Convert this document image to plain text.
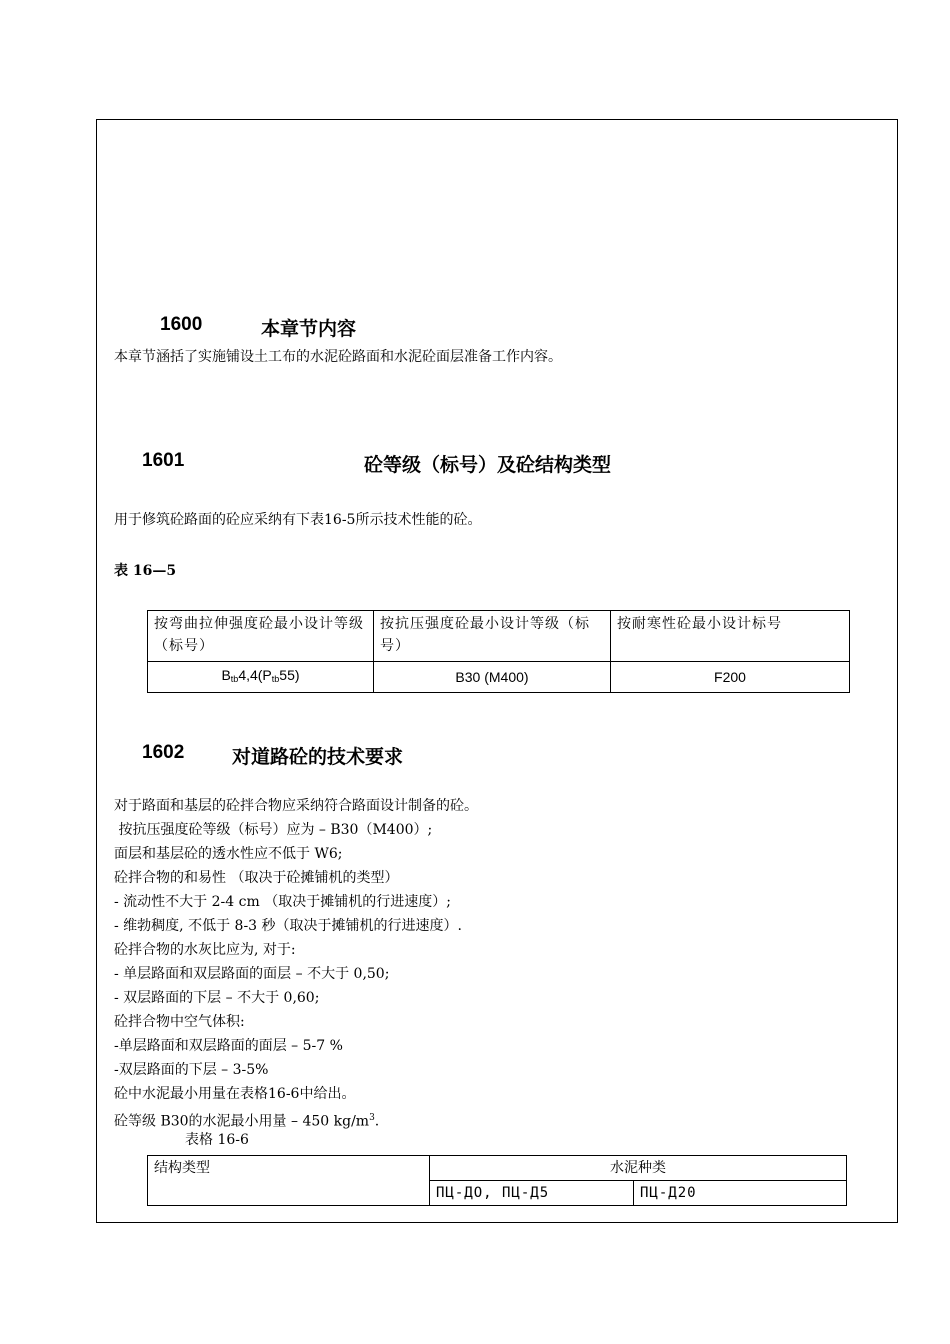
1600	本章节内容
本章节涵括了实施铺设土工布的水泥砼路面和水泥砼面层准备工作内容。
1601	砼等级（标号）及砼结构类型
用于修筑砼路面的砼应采纳有下表16-5所示技术性能的砼。
表 16—5
按弯曲拉伸强度砼最小设计等级（标号）	按抗压强度砼最小设计等级（标号）	按耐寒性砼最小设计标号
$B_{tb}4,4(P_{tb}55)$	B30 (M400)	F200
1602	对道路砼的技术要求
对于路面和基层的砼拌合物应采纳符合路面设计制备的砼。
按抗压强度砼等级（标号）应为 – B30（M400）;
面层和基层砼的透水性应不低于 W6;
砼拌合物的和易性 （取决于砼摊铺机的类型）
- 流动性不大于 2-4 cm （取决于摊铺机的行进速度）;
- 维勃稠度, 不低于 8-3 秒（取决于摊铺机的行进速度）.
砼拌合物的水灰比应为, 对于:
- 单层路面和双层路面的面层 – 不大于 0,50;
- 双层路面的下层 – 不大于 0,60;
砼拌合物中空气体积:
-单层路面和双层路面的面层 – 5-7 %
-双层路面的下层 – 3-5%
砼中水泥最小用量在表格16-6中给出。
砼等级 B30的水泥最小用量 – 450 $kg/m^3$.
表格 16-6
结构类型	水泥种类	
	ПЦ-ДО, ПЦ-Д5	ПЦ-Д20
